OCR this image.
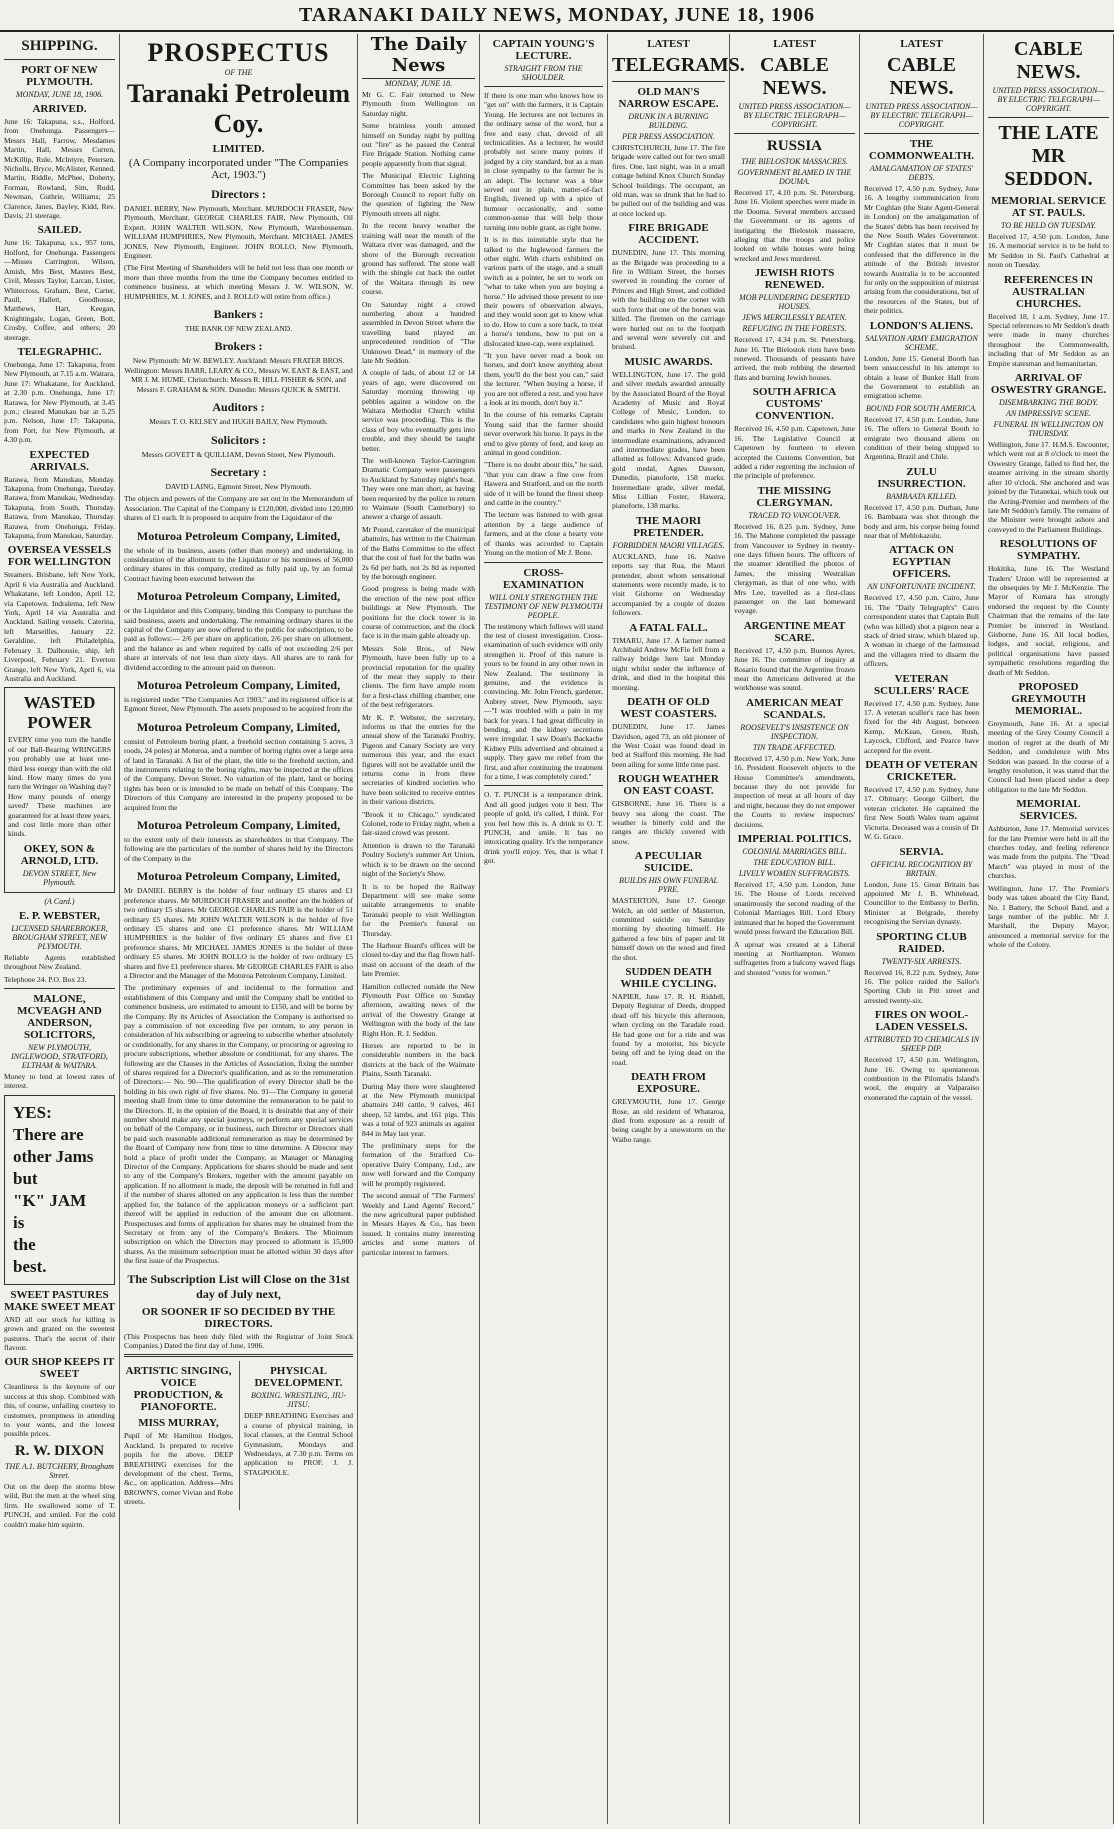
TARANAKI DAILY NEWS, MONDAY, JUNE 18, 1906
SHIPPING.
PORT OF NEW PLYMOUTH.
MONDAY, JUNE 18, 1906.
ARRIVED.

June 16: Takapuna, s.s., Holford, from Onehunga. Passengers—Messrs Hall, Farrow, Mesdames Martin, Hall, Messrs Curren, McKillip, Rule, McIntyre, Petersen, Nicholls, Bryce, McAlister, Kenned, Martin, Riddle, McPhee, Doherty, Forman, Rowland, Sim, Rudd, Newman, Guthrie, Williams; 25 Clarence, Janes, Bayley, Kidd, Rev. Davis; 21 steerage.

SAILED.

June 16: Takapuna, s.s., 957 tons, Holford, for Onehunga. Passengers—Misses Carrington, Wilson, Amish, Mrs Best, Masters Best, Civil, Messrs Taylor, Larcan, Lister, Whitecross, Graham, Best, Carter, Paull, Hallett, Goodhouse, Matthews, Hart, Keegan, Knightingale, Logan, Green, Bott, Crosby, Coffee, and others; 20 steerage.

TELEGRAPHIC.

Onehunga, June 17: Takapuna, from New Plymouth, at 7.15 a.m. Waitara, June 17: Whakatane, for Auckland, at 2.30 p.m. Onehunga, June 17: Rarawa, for New Plymouth, at 3.45 p.m.; cleared Manukau bar at 5.25 p.m. Nelson, June 17: Takapuna, from Port, for New Plymouth, at 4.30 p.m.

EXPECTED ARRIVALS.

Rarawa, from Manukau, Monday. Takapuna, from Onehunga, Tuesday. Rarawa, from Manukau, Wednesday. Takapuna, from South, Thursday. Rarawa, from Manukau, Thursday. Rarawa, from Onehunga, Friday. Takapuna, from Manukau, Saturday.

OVERSEA VESSELS FOR WELLINGTON

Steamers. Brisbane, left New York, April 6 via Australia and Auckland. Whakatane, left London, April 12, via Capetown. Indralema, left New York, April 14 via Australia and Auckland. Sailing vessels. Caterina, left Marseilles, January 22. Geraldine, left Philadelphia, February 3. Dalhousie, ship, left Liverpool, February 21. Everton Grange, left New York, April 6, via Australia and Auckland.

WASTED POWER

EVERY time you turn the handle of our Ball-Bearing WRINGERS you probably use at least one-third less energy than with the old kind. How many times do you turn the Wringer on Washing day? How many pounds of energy saved? These machines are guaranteed for at least three years, and cost little more than other kinds.

OKEY, SON & ARNOLD, LTD.
DEVON STREET, New Plymouth.
(A Card.)
E. P. WEBSTER,
LICENSED SHAREBROKER, BROUGHAM STREET, NEW PLYMOUTH.

Reliable Agents established throughout New Zealand.

Telephone 24. P.O. Box 23.

MALONE, MCVEAGH AND ANDERSON, SOLICITORS,
NEW PLYMOUTH, INGLEWOOD, STRATFORD, ELTHAM & WAITARA.

Money to lend at lowest rates of interest.

YES:
There are
other Jams
but
"K" JAM
is
the
best.
SWEET PASTURES MAKE SWEET MEAT

AND all our stock for killing is grown and grazed on the sweetest pastures. That's the secret of their flavour.

OUR SHOP KEEPS IT SWEET

Cleanliness is the keynote of our success at this shop. Combined with this, of course, unfailing courtesy to customers, promptness in attending to your wants, and the lowest possible prices.

R. W. DIXON
THE A.1. BUTCHERY, Brougham Street.

Out on the deep the storms blow wild, But the men at the wheel sing firm. He swallowed some of T. PUNCH, and smiled. For the cold couldn't make him squirm.

PROSPECTUS
OF THE
Taranaki Petroleum Coy.
LIMITED.
(A Company incorporated under "The Companies Act, 1903.")
Directors :

DANIEL BERRY, New Plymouth, Merchant. MURDOCH FRASER, New Plymouth, Merchant. GEORGE CHARLES FAIR, New Plymouth, Oil Expert. JOHN WALTER WILSON, New Plymouth, Warehouseman. WILLIAM HUMPHRIES, New Plymouth, Merchant. MICHAEL JAMES JONES, New Plymouth, Engineer. JOHN ROLLO, New Plymouth, Engineer.

(The First Meeting of Shareholders will be held not less than one month or more than three months from the time the Company becomes entitled to commence business, at which meeting Messrs J. W. WILSON, W. HUMPHRIES, M. J. JONES, and J. ROLLO will retire from office.)

Bankers :

THE BANK OF NEW ZEALAND.

Brokers :

New Plymouth: Mr W. BEWLEY. Auckland: Messrs FRATER BROS. Wellington: Messrs BARR, LEARY & CO., Messrs W. EAST & EAST, and MR J. M. HUME. Christchurch: Messrs R. HILL FISHER & SON, and Messrs F. GRAHAM & SON. Dunedin: Messrs QUICK & SMITH.

Auditors :

Messrs T. O. KELSEY and HUGH BAILY, New Plymouth.

Solicitors :

Messrs GOVETT & QUILLIAM, Devon Street, New Plymouth.

Secretary :

DAVID LAING, Egmont Street, New Plymouth.

The objects and powers of the Company are set out in the Memorandum of Association. The Capital of the Company is £120,000, divided into 120,000 shares of £1 each. It is proposed to acquire from the Liquidator of the

Moturoa Petroleum Company, Limited,

the whole of its business, assets (other than money) and undertaking, in consideration of the allotment to the Liquidator or his nominees of 56,000 ordinary shares in this company, credited as fully paid up, by an formal Contract having been executed between the

Moturoa Petroleum Company, Limited,

or the Liquidator and this Company, binding this Company to purchase the said business, assets and undertaking. The remaining ordinary shares in the capital of the Company are now offered to the public for subscription, to be paid as follows:— 2/6 per share on application, 2/6 per share on allotment, and the balance as and when required by calls of not exceeding 2/6 per share at intervals of not less than sixty days. All shares are to rank for dividend according to the amount paid on thereon.

Moturoa Petroleum Company, Limited,

is registered under "The Companies Act 1903," and its registered office is at Egmont Street, New Plymouth. The assets proposed to be acquired from the

Moturoa Petroleum Company, Limited,

consist of Petroleum boring plant, a freehold section containing 5 acres, 3 roods, 24 poles) at Moturoa, and a number of boring rights over a large area of land in Taranaki. A list of the plant, the title to the freehold section, and the instruments relating to the boring rights, may be inspected at the offices of the Company, Devon Street. No valuation of the plant, land or boring rights has been or is intended to be made on behalf of this Company. The Directors of this Company are interested in the property proposed to be acquired from the

Moturoa Petroleum Company, Limited,

to the extent only of their interests as shareholders in that Company. The following are the particulars of the number of shares held by the Directors of the Company in the

Moturoa Petroleum Company, Limited,

Mr DANIEL BERRY is the holder of four ordinary £5 shares and £1 preference shares. Mr MURDOCH FRASER and another are the holders of two ordinary £5 shares. Mr GEORGE CHARLES FAIR is the holder of 51 ordinary £5 shares. Mr JOHN WALTER WILSON is the holder of five ordinary £5 shares and one £1 preference shares. Mr WILLIAM HUMPHRIES is the holder of five ordinary £5 shares and five £1 preference shares. Mr MICHAEL JAMES JONES is the holder of three ordinary £5 shares. Mr JOHN ROLLO is the holder of two ordinary £5 shares and five £1 preference shares. Mr GEORGE CHARLES FAIR is also a Director and the Manager of the Moturoa Petroleum Company, Limited.

The preliminary expenses of and incidental to the formation and establishment of this Company and until the Company shall be entitled to commence business, are estimated to amount to £150, and will be borne by the Company. By its Articles of Association the Company is authorised to pay a commission of not exceeding five per centum, to any person in consideration of his subscribing or agreeing to subscribe whether absolutely or conditionally, for any shares in the Company, or procuring or agreeing to procure subscriptions, whether absolute or conditional, for any shares. The following are the Clauses in the Articles of Association, fixing the number of shares required for a Director's qualification, and as to the remuneration of Directors:— No. 90—The qualification of every Director shall be the holding in his own right of five shares. No. 91—The Company in general meeting shall from time to time determine the remuneration to be paid to the Directors. If, in the opinion of the Board, it is desirable that any of their number should make any special journeys, or perform any special services on behalf of the Company, or in business, such Director or Directors shall be paid such reasonable additional remuneration as may be determined by the Board of Company now from time to time determine. A Director may hold a place of profit under the Company, as Manager or Managing Director of the Company. Applications for shares should be made and sent to any of the Company's Brokers, together with the amount payable on application. If no allotment is made, the deposit will be returned in full and if the number of shares allotted on any application is less than the number applied for, the balance of the application moneys or a sufficient part thereof will be applied in reduction of the amount due on allotment. Prospectuses and forms of application for shares may be obtained from the Secretary or from any of the Company's Brokers. The Minimum subscription on which the Directors may proceed to allotment is 15,000 shares. As the minimum subscription must be allotted within 30 days after the first issue of the Prospectus.

The Subscription List will Close on the 31st day of July next,
OR SOONER IF SO DECIDED BY THE DIRECTORS.

(This Prospectus has been duly filed with the Registrar of Joint Stock Companies.) Dated the first day of June, 1906.

ARTISTIC SINGING, VOICE PRODUCTION, & PIANOFORTE.
MISS MURRAY,

Pupil of Mr Hamilton Hodges, Auckland. Is prepared to receive pupils for the above. DEEP BREATHING exercises for the development of the chest. Terms, &c., on application. Address—Mrs BROWN'S, corner Vivian and Robe streets.

PHYSICAL DEVELOPMENT.
BOXING. WRESTLING, JIU-JITSU.

DEEP BREATHING Exercises and a course of physical training, in local classes, at the Central School Gymnasium, Mondays and Wednesdays, at 7.30 p.m. Terms on application to PROF. J. J. STAGPOOLE.

The Daily News
MONDAY, JUNE 18.

Mr G. C. Fair returned to New Plymouth from Wellington on Saturday night.

Some brainless youth amused himself on Sunday night by pulling out "fire" as he passed the Central Fire Brigade Station. Nothing came people apparently from that signal.

The Municipal Electric Lighting Committee has been asked by the Borough Council to report fully on the question of lighting the New Plymouth streets all night.

In the recent heavy weather the training wall near the mouth of the Waitara river was damaged, and the shore of the Borough recreation ground has suffered. The stone wall with the shingle cut back the outlet of the Waitara through its new course.

On Saturday night a crowd numbering about a hundred assembled in Devon Street where the travelling band played an unprecedented rendition of "The Unknown Dead," in memory of the late Mr Seddon.

A couple of lads, of about 12 or 14 years of age, were discovered on Saturday morning throwing up pebbles against a window on the Waitara Methodist Church whilst service was proceeding. This is the class of boy who eventually gets into trouble, and they should be taught better.

The well-known Taylor-Carrington Dramatic Company were passengers to Auckland by Saturday night's boat. They were one man short, as having been requested by the police to return to Waimate (South Canterbury) to answer a charge of assault.

Mr Pound, caretaker of the municipal abattoirs, has written to the Chairman of the Baths Committee to the effect that the cost of fuel for the baths was 2s 6d per bath, not 2s 8d as reported by the borough engineer.

Good progress is being made with the erection of the new post office buildings at New Plymouth. The positions for the clock tower is in course of construction, and the clock face is in the main gable already up.

Messrs Sole Bros., of New Plymouth, have been fully up to a provincial reputation for the quality of the meat they supply to their clients. The firm have ample room for a first-class chilling chamber, one of the best refrigerators.

Mr K. P. Webster, the secretary, informs us that the entries for the annual show of the Taranaki Poultry, Pigeon and Canary Society are very numerous this year, and the exact figures will not be available until the returns come in from three secretaries of kindred societies who have been solicited to receive entries in their various districts.

"Brook it to Chicago," syndicated Colonel, rode to Friday night, when a fair-sized crowd was present.

Attention is drawn to the Taranaki Poultry Society's summer Art Union, which is to be drawn on the second night of the Society's Show.

It is to be hoped the Railway Department will see make some suitable arrangements to enable Taranaki people to visit Wellington for the Premier's funeral on Thursday.

The Harbour Board's offices will be closed to-day and the flag flown half-mast on account of the death of the late Premier.

Hamilton collected outside the New Plymouth Post Office on Sunday afternoon, awaiting news of the arrival of the Oswestry Grange at Wellington with the body of the late Right Hon. R. J. Seddon.

Horses are reported to be in considerable numbers in the back districts at the back of the Waimate Plains, South Taranaki.

During May there were slaughtered at the New Plymouth municipal abattoirs 240 cattle, 9 calves, 461 sheep, 52 lambs, and 161 pigs. This was a total of 923 animals as against 844 in May last year.

The preliminary steps for the formation of the Stratford Co-operative Dairy Company, Ltd., are now well forward and the Company will be promptly registered.

The second annual of "The Farmers' Weekly and Land Agents' Record," the new agricultural paper published in Messrs Hayes & Co., has been issued. It contains many interesting articles and some matters of particular interest to farmers.

CAPTAIN YOUNG'S LECTURE.
STRAIGHT FROM THE SHOULDER.

If there is one man who knows how to "get on" with the farmers, it is Captain Young. He lectures are not lectures in the ordinary sense of the word, but a free and easy chat, devoid of all technicalities. As a lecturer, he would probably not score many points if judged by a city standard, but as a man in close sympathy to the farmer he is an adept. The lecturer was a blue served out in plain, matter-of-fact English, livened up with a spice of humour occasionally, and some common-sense that will help those turning into noble grant, as right home.

It is in this inimitable style that he talked to the Inglewood farmers the other night. With charts exhibited on various parts of the stage, and a small switch as a pointer, he set to work on "what to take when you are buying a horse." He advised those present to use their powers of observation always, and they would soon get to know what to do. How to cure a sore back, to treat a horse's tendons, how to put on a dislocated knee-cap, were explained.

"It you have never read a book on horses, and don't know anything about them, you'll do the best you can," said the lecturer. "When buying a horse, if you are not offered a rest, and you have a look at its mouth, don't buy it."

In the course of his remarks Captain Young said that the farmer should never overwork his horse. It pays in the end to give plenty of feed, and keep an animal in good condition.

"There is no doubt about this," he said, "that you can draw a fine cow from Hawera and Stratford, and on the north side of it will be found the finest sheep and cattle in the country."

The lecture was listened to with great attention by a large audience of farmers, and at the close a hearty vote of thanks was accorded to Captain Young on the motion of Mr J. Bone.

CROSS-EXAMINATION
WILL ONLY STRENGTHEN THE TESTIMONY OF NEW PLYMOUTH PEOPLE.

The testimony which follows will stand the test of closest investigation. Cross-examination of such evidence will only strengthen it. Proof of this nature is yours to be found in any other town in New Zealand. The testimony is genuine, and the evidence is convincing. Mr. John French, gardener, Aubrey street, New Plymouth, says:—"I was troubled with a pain in my back for years. I had great difficulty in bending, and the kidney secretions were irregular. I saw Doan's Backache Kidney Pills advertised and obtained a supply. They gave me relief from the first, and after continuing the treatment for a time, I was completely cured."

O. T. PUNCH is a temperance drink. And all good judges vote it best. The people of gold, it's called, I think. For you feel how this is. A drink to O. T. PUNCH, and smile. It has no intoxicating quality. It's the temperance drink you'll enjoy. Yes, that is what I got.

LATEST
TELEGRAMS.
OLD MAN'S NARROW ESCAPE.
DRUNK IN A BURNING BUILDING.
PER PRESS ASSOCIATION.

CHRISTCHURCH, June 17. The fire brigade were called out for two small fires. One, last night, was in a small cottage behind Knox Church Sunday School buildings. The occupant, an old man, was so drunk that he had to be pulled out of the building and was at once locked up.

FIRE BRIGADE ACCIDENT.

DUNEDIN, June 17. This morning as the Brigade was proceeding to a fire in William Street, the horses swerved in rounding the corner of Princes and High Street, and collided with the building on the corner with such force that one of the horses was killed. The firemen on the carriage were hurled out on to the footpath and several were severely cut and bruised.

MUSIC AWARDS.

WELLINGTON, June 17. The gold and silver medals awarded annually by the Associated Board of the Royal Academy of Music and Royal College of Music, London, to candidates who gain highest honours and marks in New Zealand in the intermediate examinations, advanced and intermediate grades, have been allotted as follows: Advanced grade, gold medal, Agnes Dawson, Dunedin, pianoforte, 158 marks. Intermediate grade, silver medal, Miss Lillian Foster, Hawera, pianoforte, 138 marks.

THE MAORI PRETENDER.
FORBIDDEN MAORI VILLAGES.

AUCKLAND, June 16. Native reports say that Rua, the Maori pretender, about whom sensational statements were recently made, is to visit Gisborne on Wednesday accompanied by a couple of dozen followers.

A FATAL FALL.

TIMARU, June 17. A farmer named Archibald Andrew McFie fell from a railway bridge here last Monday night whilst under the influence of drink, and died in the hospital this morning.

DEATH OF OLD WEST COASTERS.

DUNEDIN, June 17. James Davidson, aged 73, an old pioneer of the West Coast was found dead in bed at Stafford this morning. He had been ailing for some little time past.

ROUGH WEATHER ON EAST COAST.

GISBORNE, June 16. There is a heavy sea along the coast. The weather is bitterly cold and the ranges are thickly covered with snow.

A PECULIAR SUICIDE.
BUILDS HIS OWN FUNERAL PYRE.

MASTERTON, June 17. George Welch, an old settler of Masterton, committed suicide on Saturday morning by shooting himself. He gathered a few bits of paper and lit himself down on the wood and fired the shot.

SUDDEN DEATH WHILE CYCLING.

NAPIER, June 17. R. H. Riddell, Deputy Registrar of Deeds, dropped dead off his bicycle this afternoon, when cycling on the Taradale road. He had gone out for a ride and was found by a motorist, his bicycle being off and he lying dead on the road.

DEATH FROM EXPOSURE.

GREYMOUTH, June 17. George Rose, an old resident of Whataroa, died from exposure as a result of being caught by a snowstorm on the Waiho range.

LATEST
CABLE NEWS.
UNITED PRESS ASSOCIATION—BY ELECTRIC TELEGRAPH—COPYRIGHT.
RUSSIA
THE BIELOSTOK MASSACRES.
GOVERNMENT BLAMED IN THE DOUMA.

Received 17, 4.10 p.m. St. Petersburg, June 16. Violent speeches were made in the Douma. Several members accused the Government or its agents of instigating the Bielostok massacre, alleging that the troops and police looked on while houses were being wrecked and Jews murdered.

JEWISH RIOTS RENEWED.
MOB PLUNDERING DESERTED HOUSES.
JEWS MERCILESSLY BEATEN.
REFUGING IN THE FORESTS.

Received 17, 4.34 p.m. St. Petersburg, June 16. The Bielostok riots have been renewed. Thousands of peasants have arrived, the mob robbing the deserted flats and burning Jewish houses.

SOUTH AFRICA CUSTOMS' CONVENTION.

Received 16, 4.50 p.m. Capetown, June 16. The Legislative Council at Capetown by fourteen to eleven accepted the Customs Convention, but added a rider regretting the inclusion of the principle of preference.

THE MISSING CLERGYMAN.
TRACED TO VANCOUVER.

Received 16, 8.25 p.m. Sydney, June 16. The Mahone completed the passage from Vancouver to Sydney in twenty-one days fifteen hours. The officers of the steamer identified the photos of James, the missing Westralian clergyman, as that of one who, with Mrs Lee, travelled as a first-class passenger on the last homeward voyage.

ARGENTINE MEAT SCARE.

Received 17, 4.50 p.m. Buenos Ayres, June 16. The committee of inquiry at Rosario found that the Argentine frozen meat the Americans delivered at the workhouse was sound.

AMERICAN MEAT SCANDALS.
ROOSEVELT'S INSISTENCE ON INSPECTION.
TIN TRADE AFFECTED.

Received 17, 4.50 p.m. New York, June 16. President Roosevelt objects to the House Committee's amendments, because they do not provide for inspection of meat at all hours of day and night, because they do not empower the Courts to review inspectors' decisions.

IMPERIAL POLITICS.
COLONIAL MARRIAGES BILL.
THE EDUCATION BILL.
LIVELY WOMEN SUFFRAGISTS.

Received 17, 4.50 p.m. London, June 16. The House of Lords received unanimously the second reading of the Colonial Marriages Bill. Lord Ebury intimated that he hoped the Government would press forward the Education Bill.

A uproar was created at a Liberal meeting at Northampton. Women suffragettes from a balcony waved flags and shouted "votes for women."

LATEST
CABLE NEWS.
UNITED PRESS ASSOCIATION—BY ELECTRIC TELEGRAPH—COPYRIGHT.
THE COMMONWEALTH.
AMALGAMATION OF STATES' DEBTS.

Received 17, 4.50 p.m. Sydney, June 16. A lengthy communication from Mr Coghlan (the State Agent-General in London) on the amalgamation of the States' debts has been received by the New South Wales Government. Mr Coghlan states that it must be confessed that the difference in the attitude of the British investor towards Australia is to be accounted for only on the supposition of mistrust arising from the considerations, but of the resources of the States, but of their politics.

LONDON'S ALIENS.
SALVATION ARMY EMIGRATION SCHEME.

London, June 15. General Booth has been unsuccessful in his attempt to obtain a lease of Bunker Hall from the Government to establish an emigration scheme.

BOUND FOR SOUTH AMERICA.

Received 17, 4.50 p.m. London, June 16. The offers to General Booth to emigrate two thousand aliens on condition of their being shipped to Argentina, Brazil and Chile.

ZULU INSURRECTION.
BAMBAATA KILLED.

Received 17, 4.50 p.m. Durban, June 16. Bambaata was shot through the body and arm, his corpse being found near that of Mehlokazulu.

ATTACK ON EGYPTIAN OFFICERS.
AN UNFORTUNATE INCIDENT.

Received 17, 4.50 p.m. Cairo, June 16. The "Daily Telegraph's" Cairo correspondent states that Captain Bull (who was killed) shot a pigeon near a stack of dried straw, which blazed up. A woman in charge of the farmstead and the villagers tried to disarm the officers.

VETERAN SCULLERS' RACE

Received 17, 4.50 p.m. Sydney, June 17. A veteran sculler's race has been fixed for the 4th August, between Kemp, McKean, Green, Rush, Laycock, Clifford, and Pearce have accepted for the event.

DEATH OF VETERAN CRICKETER.

Received 17, 4.50 p.m. Sydney, June 17. Obituary: George Gilbert, the veteran cricketer. He captained the first New South Wales team against Victoria. Deceased was a cousin of Dr W. G. Grace.

SERVIA.
OFFICIAL RECOGNITION BY BRITAIN.

London, June 15. Great Britain has appointed Mr J. B. Whitehead, Councillor to the Embassy to Berlin, Minister at Belgrade, thereby recognising the Servian dynasty.

SPORTING CLUB RAIDED.
TWENTY-SIX ARRESTS.

Received 16, 8.22 p.m. Sydney, June 16. The police raided the Sailor's Sporting Club in Pitt street and arrested twenty-six.

FIRES ON WOOL-LADEN VESSELS.
ATTRIBUTED TO CHEMICALS IN SHEEP DIP.

Received 17, 4.50 p.m. Wellington, June 16. Owing to spontaneous combustion in the Pilomalis Island's wool, the enquiry at Valparaiso exonerated the captain of the vessel.

CABLE NEWS.
UNITED PRESS ASSOCIATION—BY ELECTRIC TELEGRAPH—COPYRIGHT.
THE LATE MR SEDDON.
MEMORIAL SERVICE AT ST. PAULS.
TO BE HELD ON TUESDAY.

Received 17, 4.50 p.m. London, June 16. A memorial service is to be held to Mr Seddon in St. Paul's Cathedral at noon on Tuesday.

REFERENCES IN AUSTRALIAN CHURCHES.

Received 18, 1 a.m. Sydney, June 17. Special references to Mr Seddon's death were made in many churches throughout the Commonwealth, including that of Mr Seddon as an Empire statesman and humanitarian.

ARRIVAL OF OSWESTRY GRANGE.
DISEMBARKING THE BODY.
AN IMPRESSIVE SCENE.
FUNERAL IN WELLINGTON ON THURSDAY.

Wellington, June 17. H.M.S. Encounter, which went out at 8 o'clock to meet the Oswestry Grange, failed to find her, the steamer arriving in the stream shortly after 10 o'clock. She anchored and was joined by the Tutanekai, which took out the Acting-Premier and members of the late Mr Seddon's family. The remains of the Minister were brought ashore and conveyed to the Parliament Buildings.

RESOLUTIONS OF SYMPATHY.

Hokitika, June 16. The Westland Traders' Union will be represented at the obsequies by Mr J. McKenzie. The Mayor of Kumara has strongly endorsed the request by the County Chairman that the remains of the late Premier be interred in Westland. Gisborne, June 16. All local bodies, lodges, and social, religious, and political organisations have passed sympathetic resolutions regarding the death of Mr Seddon.

PROPOSED GREYMOUTH MEMORIAL.

Greymouth, June 16. At a special meeting of the Grey County Council a motion of regret at the death of Mr Seddon, and condolence with Mrs Seddon was passed. In the course of a lengthy resolution, it was stated that the Council had been placed under a deep obligation to the late Mr Seddon.

MEMORIAL SERVICES.

Ashburton, June 17. Memorial services for the late Premier were held in all the churches today, and feeling reference was made from the pulpits. The "Dead March" was played in most of the churches.

Wellington, June 17. The Premier's body was taken aboard the City Band, No. 1 Battery, the School Band, and a large number of the public. Mr J. Marshall, the Deputy Mayor, announced a memorial service for the whole of the Colony.
